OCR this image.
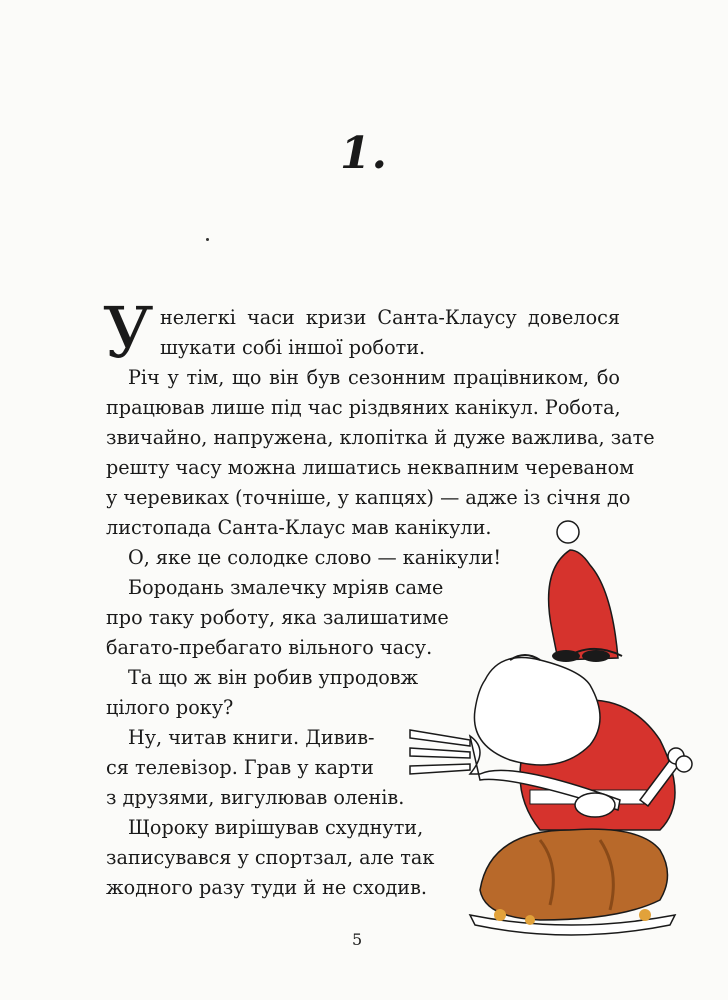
1.
У нелегкі часи кризи Санта-Клаусу довелося
шукати собі іншої роботи.
Річ у тім, що він був сезонним працівником, бо
працював лише під час різдвяних канікул. Робота,
звичайно, напружена, клопітка й дуже важлива, зате
решту часу можна лишатись неквапним череваном
у черевиках (точніше, у капцях) — адже із січня до
листопада Санта-Клаус мав канікули.
О, яке це солодке слово — канікули!
Бородань змалечку мріяв саме
про таку роботу, яка залишатиме
багато-пребагато вільного часу.
Та що ж він робив упродовж
цілого року?
Ну, читав книги. Дивив-
ся телевізор. Грав у карти
з друзями, вигулював оленів.
Щороку вирішував схуднути,
записувався у спортзал, але так
жодного разу туди й не сходив.
5
